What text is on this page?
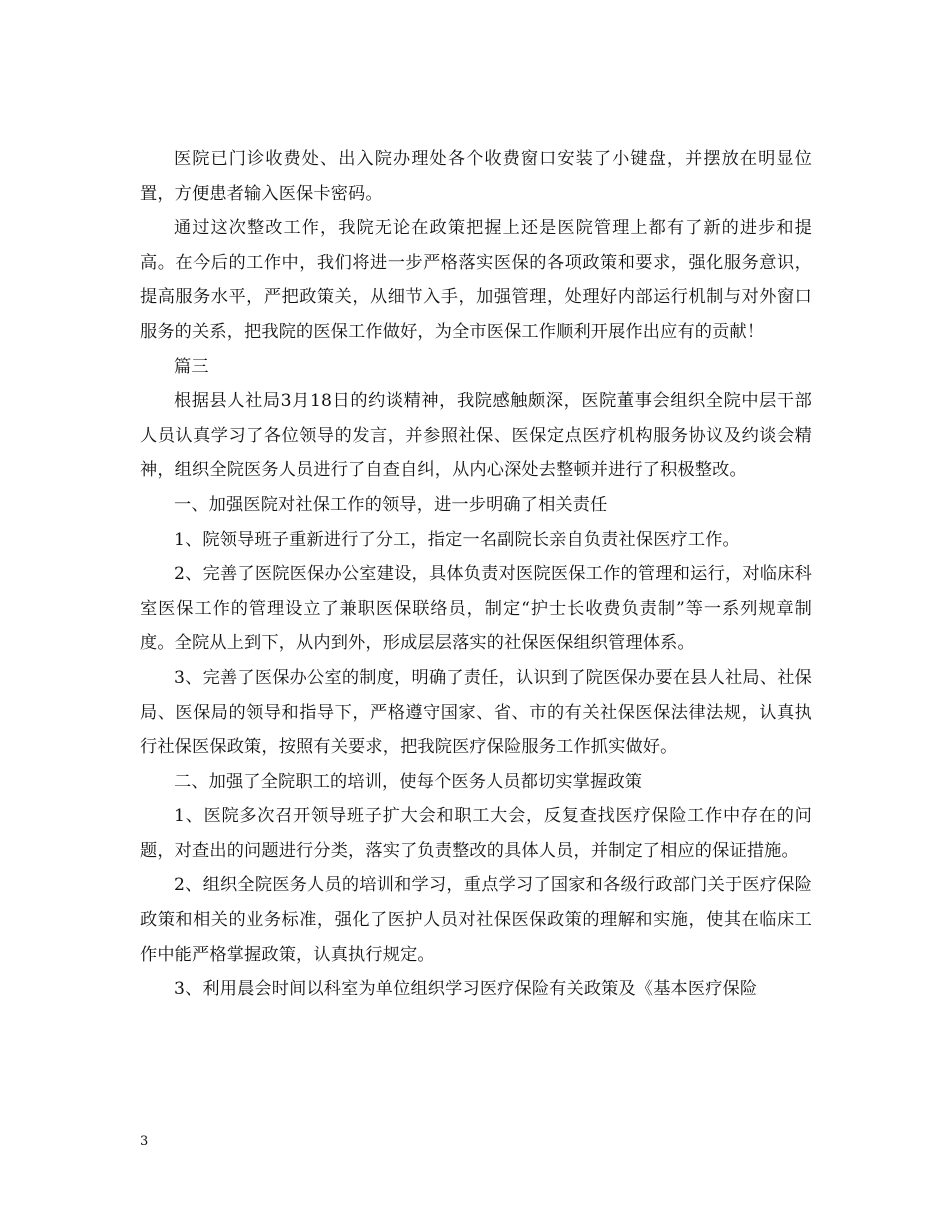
医院已门诊收费处、出入院办理处各个收费窗口安装了小键盘，并摆放在明显位置，方便患者输入医保卡密码。

通过这次整改工作，我院无论在政策把握上还是医院管理上都有了新的进步和提高。在今后的工作中，我们将进一步严格落实医保的各项政策和要求，强化服务意识，提高服务水平，严把政策关，从细节入手，加强管理，处理好内部运行机制与对外窗口服务的关系，把我院的医保工作做好，为全市医保工作顺利开展作出应有的贡献！

篇三

根据县人社局3月18日的约谈精神，我院感触颇深，医院董事会组织全院中层干部人员认真学习了各位领导的发言，并参照社保、医保定点医疗机构服务协议及约谈会精神，组织全院医务人员进行了自查自纠，从内心深处去整顿并进行了积极整改。

一、加强医院对社保工作的领导，进一步明确了相关责任

1、院领导班子重新进行了分工，指定一名副院长亲自负责社保医疗工作。

2、完善了医院医保办公室建设，具体负责对医院医保工作的管理和运行，对临床科室医保工作的管理设立了兼职医保联络员，制定“护士长收费负责制”等一系列规章制度。全院从上到下，从内到外，形成层层落实的社保医保组织管理体系。

3、完善了医保办公室的制度，明确了责任，认识到了院医保办要在县人社局、社保局、医保局的领导和指导下，严格遵守国家、省、市的有关社保医保法律法规，认真执行社保医保政策，按照有关要求，把我院医疗保险服务工作抓实做好。

二、加强了全院职工的培训，使每个医务人员都切实掌握政策

1、医院多次召开领导班子扩大会和职工大会，反复查找医疗保险工作中存在的问题，对查出的问题进行分类，落实了负责整改的具体人员，并制定了相应的保证措施。

2、组织全院医务人员的培训和学习，重点学习了国家和各级行政部门关于医疗保险政策和相关的业务标准，强化了医护人员对社保医保政策的理解和实施，使其在临床工作中能严格掌握政策，认真执行规定。

3、利用晨会时间以科室为单位组织学习医疗保险有关政策及《基本医疗保险

3
